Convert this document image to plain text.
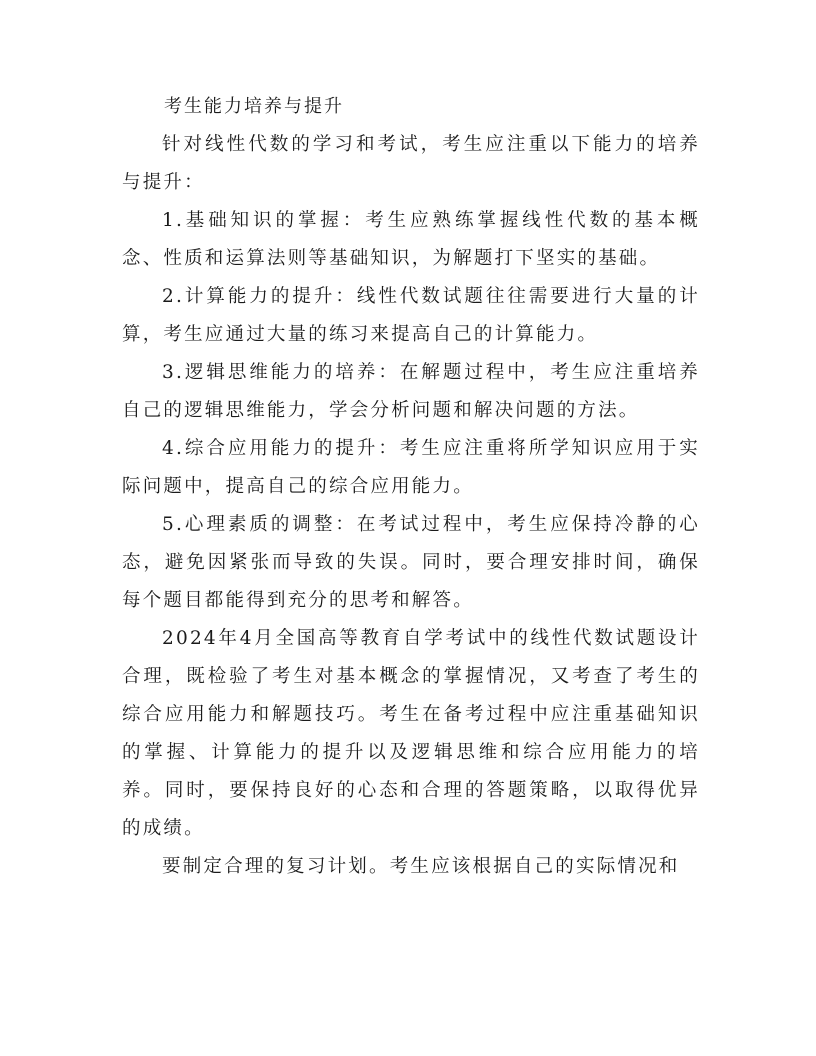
考生能力培养与提升

针对线性代数的学习和考试，考生应注重以下能力的培养与提升：

1.基础知识的掌握：考生应熟练掌握线性代数的基本概念、性质和运算法则等基础知识，为解题打下坚实的基础。

2.计算能力的提升：线性代数试题往往需要进行大量的计算，考生应通过大量的练习来提高自己的计算能力。

3.逻辑思维能力的培养：在解题过程中，考生应注重培养自己的逻辑思维能力，学会分析问题和解决问题的方法。

4.综合应用能力的提升：考生应注重将所学知识应用于实际问题中，提高自己的综合应用能力。

5.心理素质的调整：在考试过程中，考生应保持冷静的心态，避免因紧张而导致的失误。同时，要合理安排时间，确保每个题目都能得到充分的思考和解答。

2024年4月全国高等教育自学考试中的线性代数试题设计合理，既检验了考生对基本概念的掌握情况，又考查了考生的综合应用能力和解题技巧。考生在备考过程中应注重基础知识的掌握、计算能力的提升以及逻辑思维和综合应用能力的培养。同时，要保持良好的心态和合理的答题策略，以取得优异的成绩。

要制定合理的复习计划。考生应该根据自己的实际情况和
